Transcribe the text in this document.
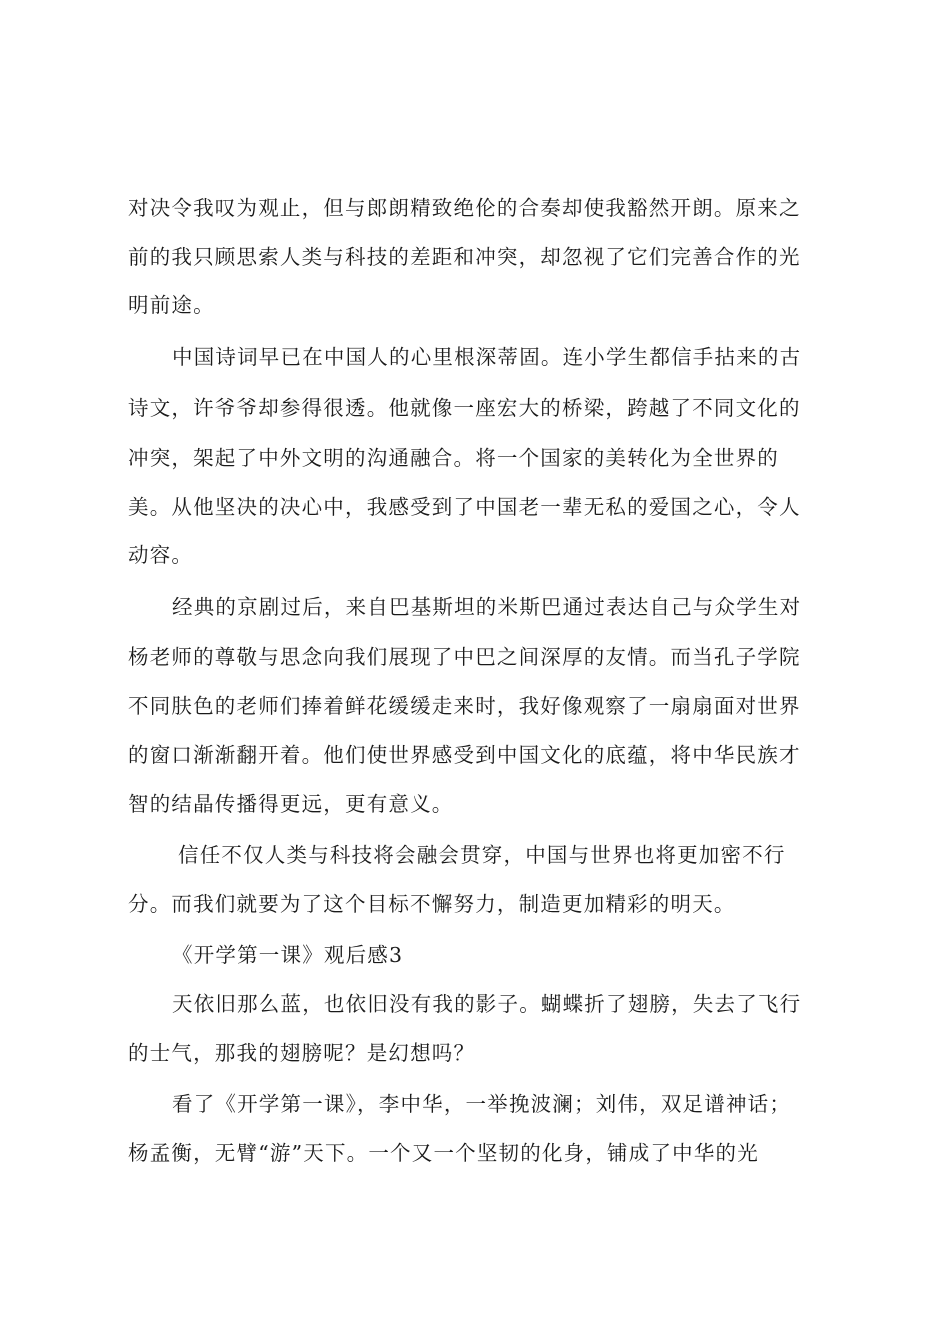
对决令我叹为观止，但与郎朗精致绝伦的合奏却使我豁然开朗。原来之
前的我只顾思索人类与科技的差距和冲突，却忽视了它们完善合作的光
明前途。
中国诗词早已在中国人的心里根深蒂固。连小学生都信手拈来的古
诗文，许爷爷却参得很透。他就像一座宏大的桥梁，跨越了不同文化的
冲突，架起了中外文明的沟通融合。将一个国家的美转化为全世界的
美。从他坚决的决心中，我感受到了中国老一辈无私的爱国之心，令人
动容。
经典的京剧过后，来自巴基斯坦的米斯巴通过表达自己与众学生对
杨老师的尊敬与思念向我们展现了中巴之间深厚的友情。而当孔子学院
不同肤色的老师们捧着鲜花缓缓走来时，我好像观察了一扇扇面对世界
的窗口渐渐翻开着。他们使世界感受到中国文化的底蕴，将中华民族才
智的结晶传播得更远，更有意义。
信任不仅人类与科技将会融会贯穿，中国与世界也将更加密不行
分。而我们就要为了这个目标不懈努力，制造更加精彩的明天。
《开学第一课》观后感3
天依旧那么蓝，也依旧没有我的影子。蝴蝶折了翅膀，失去了飞行
的士气，那我的翅膀呢？是幻想吗？
看了《开学第一课》，李中华，一举挽波澜；刘伟，双足谱神话；
杨孟衡，无臂“游”天下。一个又一个坚韧的化身，铺成了中华的光
